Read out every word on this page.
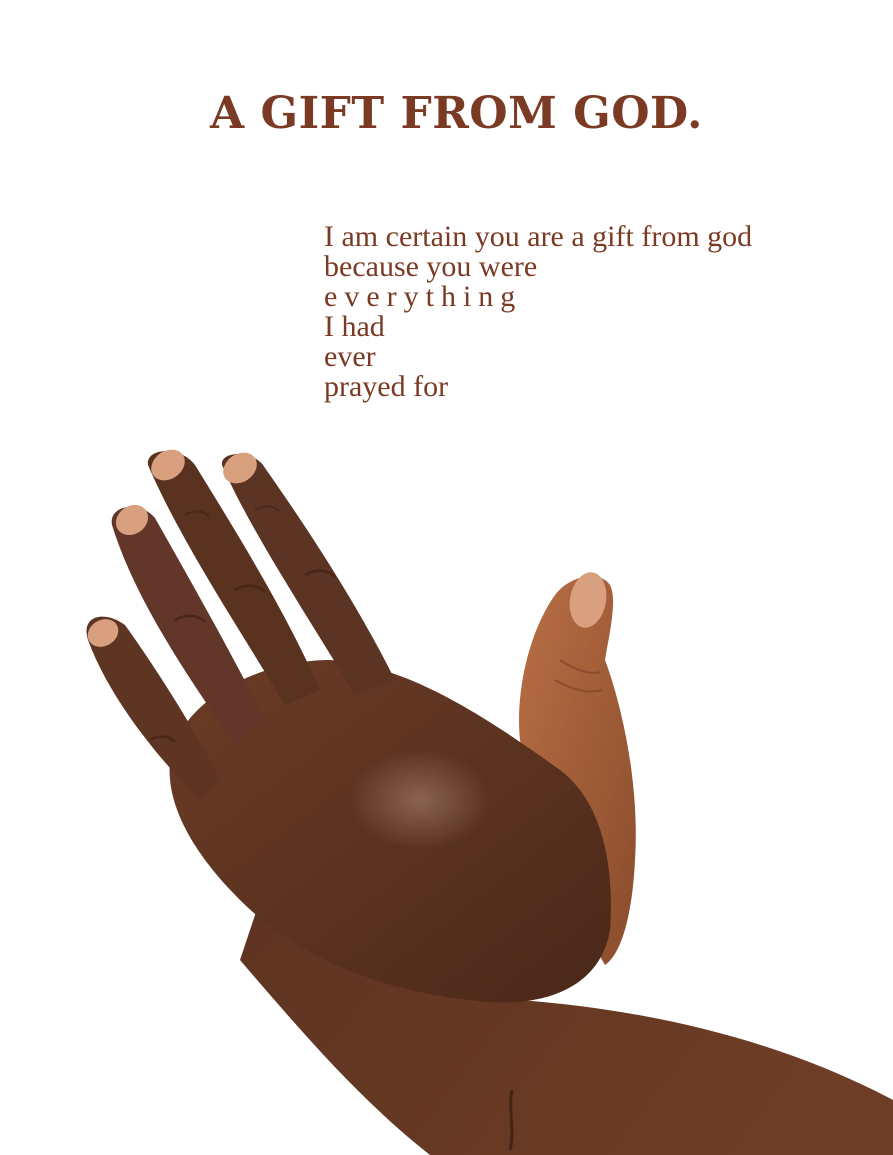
A GIFT FROM GOD.
I am certain you are a gift from god
because you were
everything
I had
ever
prayed for
